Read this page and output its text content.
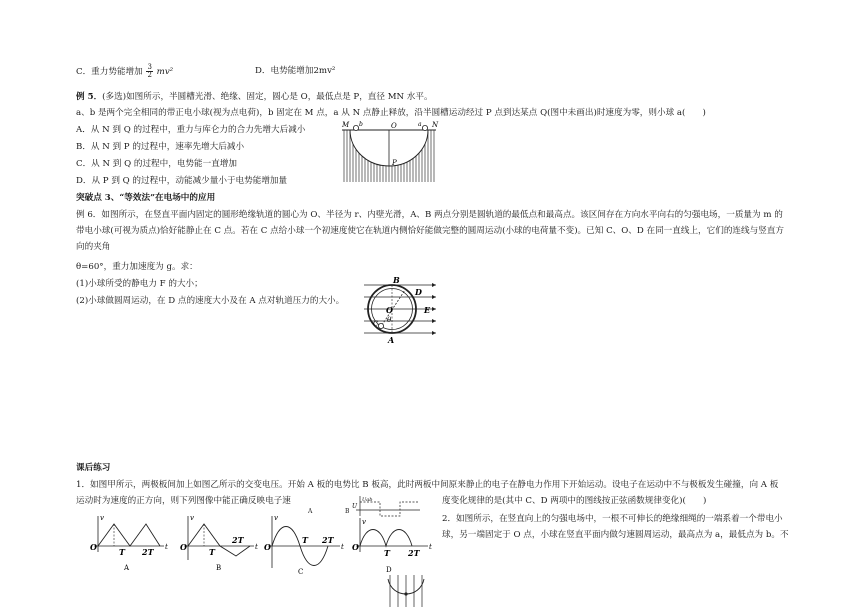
C．重力势能增加 $\frac{3}{2} mv^2$	D．电势能增加2mv²
例 5．(多选)如图所示，半圆槽光滑、绝缘、固定，圆心是 O，最低点是 P，直径 MN 水平。
a、b 是两个完全相同的带正电小球(视为点电荷)，b 固定在 M 点，a 从 N 点静止释放，沿半圆槽运动经过 P 点到达某点 Q(图中未画出)时速度为零，则小球 a(　　)
A．从 N 到 Q 的过程中，重力与库仑力的合力先增大后减小
B．从 N 到 P 的过程中，速率先增大后减小
C．从 N 到 Q 的过程中，电势能一直增加
D．从 P 到 Q 的过程中，动能减少量小于电势能增加量
M b	O	a N
P
突破点 3、“等效法”在电场中的应用
例 6．如图所示，在竖直平面内固定的圆形绝缘轨道的圆心为 O、半径为 r、内壁光滑，A、B 两点分别是圆轨道的最低点和最高点。该区间存在方向水平向右的匀强电场，一质量为 m 的
带电小球(可视为质点)恰好能静止在 C 点。若在 C 点给小球一个初速度使它在轨道内侧恰好能做完整的圆周运动(小球的电荷量不变)。已知 C、O、D 在同一直线上，它们的连线与竖直方
向的夹角
θ=60°，重力加速度为 g。求：
(1)小球所受的静电力 F 的大小；
(2)小球做圆周运动，在 D 点的速度大小及在 A 点对轨道压力的大小。
B
D
O	E
θ
C
A
课后练习
1．如图甲所示，两极板间加上如图乙所示的交变电压。开始 A 板的电势比 B 板高，此时两板中间原来静止的电子在静电力作用下开始运动。设电子在运动中不与极板发生碰撞，向 A 板
运动时为速度的正方向，则下列图像中能正确反映电子速	度变化规律的是(其中 C、D 两项中的图线按正弦函数规律变化)(　　)
2．如图所示，在竖直向上的匀强电场中，一根不可伸长的绝缘细绳的一端系着一个带电小
球，另一端固定于 O 点，小球在竖直平面内做匀速圆周运动，最高点为 a，最低点为 b。不
A	B
v
O	T 2T t
A
v
O	T
2T
t
B
v
O
T 2T
t
C
Uab
U
v
O
T 2T
t
D
